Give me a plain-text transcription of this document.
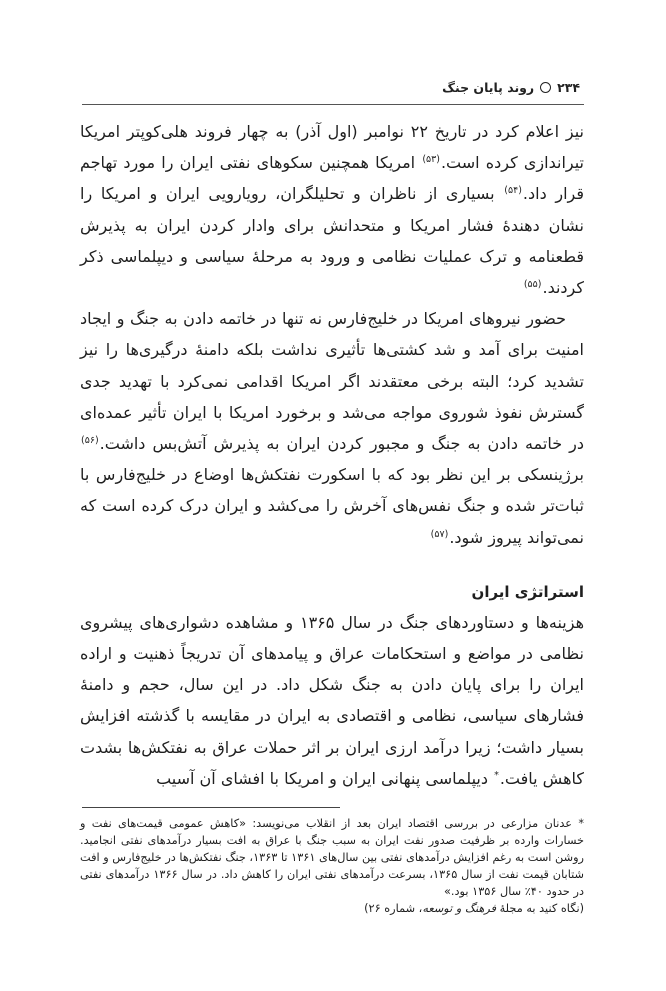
۲۳۴
روند پایان جنگ

نیز اعلام کرد در تاریخ ۲۲ نوامبر (اول آذر) به چهار فروند هلی‌کوپتر امریکا تیراندازی کرده است.$^{(۵۳)}$ امریکا همچنین سکوهای نفتی ایران را مورد تهاجم قرار داد.$^{(۵۴)}$ بسیاری از ناظران و تحلیلگران، رویارویی ایران و امریکا را نشان دهندهٔ فشار امریکا و متحدانش برای وادار کردن ایران به پذیرش قطعنامه و ترک عملیات نظامی و ورود به مرحلهٔ سیاسی و دیپلماسی ذکر کردند.$^{(۵۵)}$

حضور نیروهای امریکا در خلیج‌فارس نه تنها در خاتمه دادن به جنگ و ایجاد امنیت برای آمد و شد کشتی‌ها تأثیری نداشت بلکه دامنهٔ درگیری‌ها را نیز تشدید کرد؛ البته برخی معتقدند اگر امریکا اقدامی نمی‌کرد با تهدید جدی گسترش نفوذ شوروی مواجه می‌شد و برخورد امریکا با ایران تأثیر عمده‌ای در خاتمه دادن به جنگ و مجبور کردن ایران به پذیرش آتش‌بس داشت.$^{(۵۶)}$ برژینسکی بر این نظر بود که با اسکورت نفتکش‌ها اوضاع در خلیج‌فارس با ثبات‌تر شده و جنگ نفس‌های آخرش را می‌کشد و ایران درک کرده است که نمی‌تواند پیروز شود.$^{(۵۷)}$

استراتژی ایران

هزینه‌ها و دستاوردهای جنگ در سال ۱۳۶۵ و مشاهده دشواری‌های پیشروی نظامی در مواضع و استحکامات عراق و پیامدهای آن تدریجاً ذهنیت و اراده ایران را برای پایان دادن به جنگ شکل داد. در این سال، حجم و دامنهٔ فشارهای سیاسی، نظامی و اقتصادی به ایران در مقایسه با گذشته افزایش بسیار داشت؛ زیرا درآمد ارزی ایران بر اثر حملات عراق به نفتکش‌ها بشدت کاهش یافت.* دیپلماسی پنهانی ایران و امریکا با افشای آن آسیب

* عدنان مزارعی در بررسی اقتصاد ایران بعد از انقلاب می‌نویسد: «کاهش عمومی قیمت‌های نفت و خسارات وارده بر ظرفیت صدور نفت ایران به سبب جنگ با عراق به افت بسیار درآمدهای نفتی انجامید. روشن است به رغم افزایش درآمدهای نفتی بین سال‌های ۱۳۶۱ تا ۱۳۶۳، جنگ نفتکش‌ها در خلیج‌فارس و افت شتابان قیمت نفت از سال ۱۳۶۵، بسرعت درآمدهای نفتی ایران را کاهش داد. در سال ۱۳۶۶ درآمدهای نفتی در حدود ۴۰٪ سال ۱۳۵۶ بود.»

(نگاه کنید به مجلهٔ فرهنگ و توسعه، شماره ۲۶)
